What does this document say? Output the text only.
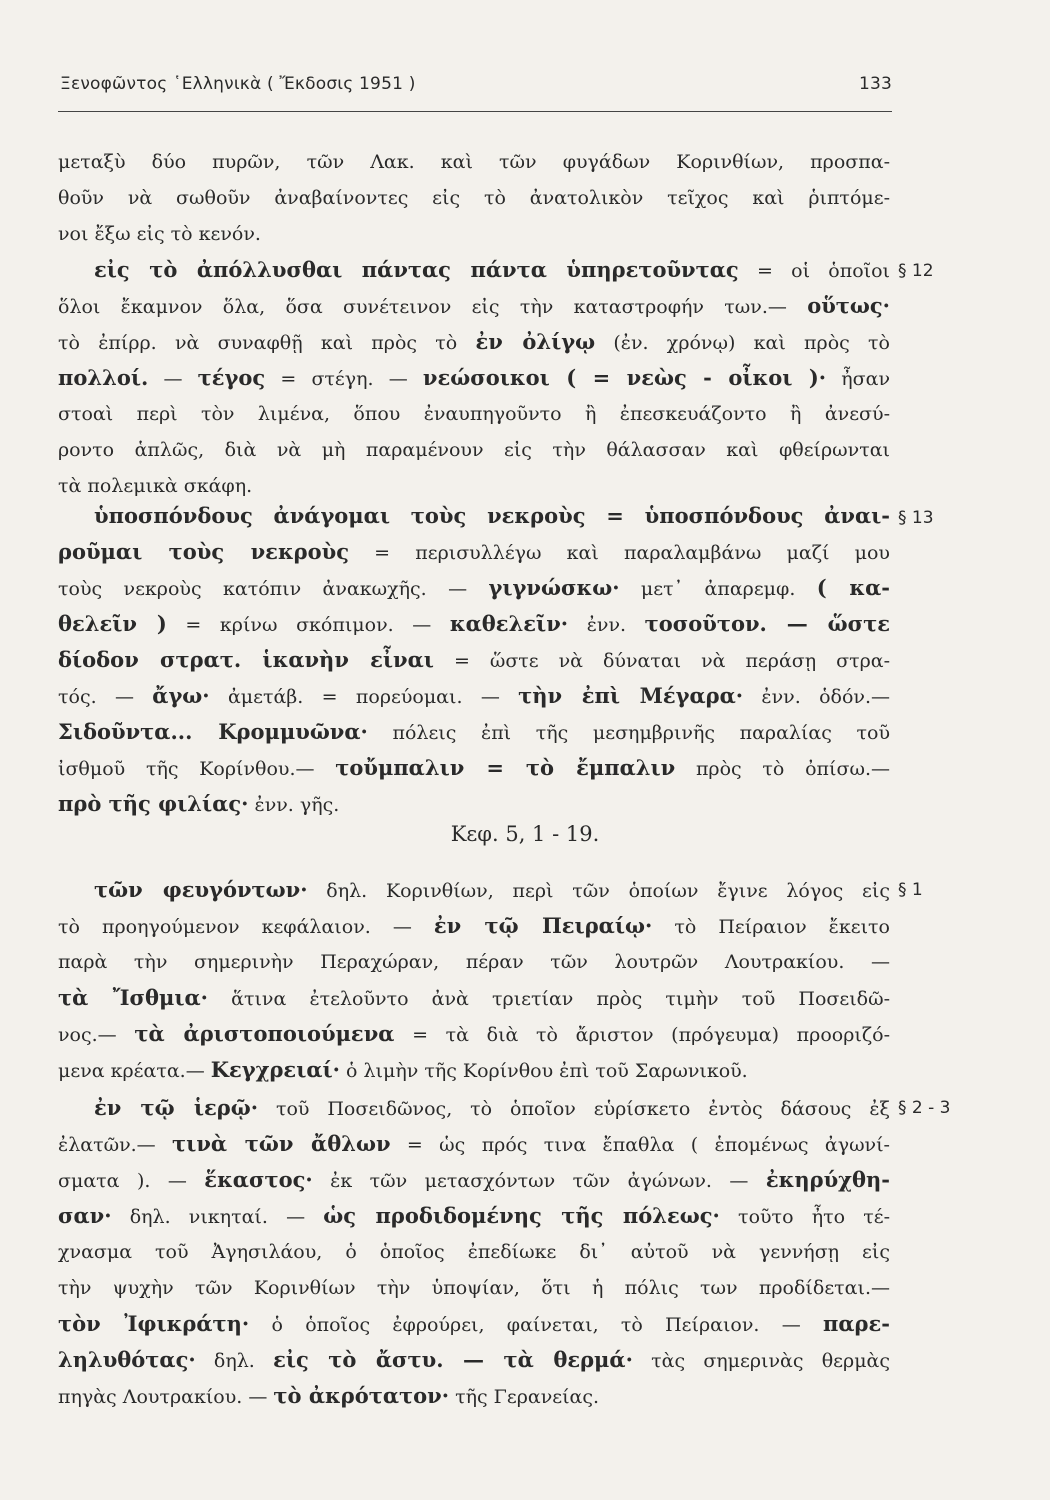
Ξενοφῶντος ῾Ελληνικὰ ( Ἔκδοσις 1951 )	133
μεταξὺ δύο πυρῶν, τῶν Λακ. καὶ τῶν φυγάδων Κορινθίων, προσπα-
θοῦν νὰ σωθοῦν ἀναβαίνοντες εἰς τὸ ἀνατολικὸν τεῖχος καὶ ῥιπτόμε-
νοι ἔξω εἰς τὸ κενόν.
εἰς τὸ ἀπόλλυσθαι πάντας πάντα ὑπηρετοῦντας = οἱ ὁποῖοι
ὅλοι ἔκαμνον ὅλα, ὅσα συνέτεινον εἰς τὴν καταστροφήν των.— οὕτως·
τὸ ἐπίρρ. νὰ συναφθῇ καὶ πρὸς τὸ ἐν ὀλίγῳ (ἐν. χρόνῳ) καὶ πρὸς τὸ
πολλοί. — τέγος = στέγη. — νεώσοικοι ( = νεὼς - οἶκοι )· ἦσαν
στοαὶ περὶ τὸν λιμένα, ὅπου ἐναυπηγοῦντο ἢ ἐπεσκευάζοντο ἢ ἀνεσύ-
ροντο ἁπλῶς, διὰ νὰ μὴ παραμένουν εἰς τὴν θάλασσαν καὶ φθείρωνται
τὰ πολεμικὰ σκάφη.
§ 12
ὑποσπόνδους ἀνάγομαι τοὺς νεκροὺς = ὑποσπόνδους ἀναι-
ροῦμαι τοὺς νεκροὺς = περισυλλέγω καὶ παραλαμβάνω μαζί μου
τοὺς νεκροὺς κατόπιν ἀνακωχῆς. — γιγνώσκω· μετ᾽ ἀπαρεμφ. ( κα-
θελεῖν ) = κρίνω σκόπιμον. — καθελεῖν· ἐνν. τοσοῦτον. — ὥστε
δίοδον στρατ. ἱκανὴν εἶναι = ὥστε νὰ δύναται νὰ περάσῃ στρα-
τός. — ἄγω· ἀμετάβ. = πορεύομαι. — τὴν ἐπὶ Μέγαρα· ἐνν. ὁδόν.—
Σιδοῦντα... Κρομμυῶνα· πόλεις ἐπὶ τῆς μεσημβρινῆς παραλίας τοῦ
ἰσθμοῦ τῆς Κορίνθου.— τοὔμπαλιν = τὸ ἔμπαλιν πρὸς τὸ ὀπίσω.—
πρὸ τῆς φιλίας· ἐνν. γῆς.
§ 13
Κεφ. 5, 1 - 19.
τῶν φευγόντων· δηλ. Κορινθίων, περὶ τῶν ὁποίων ἔγινε λόγος εἰς
τὸ προηγούμενον κεφάλαιον. — ἐν τῷ Πειραίῳ· τὸ Πείραιον ἔκειτο
παρὰ τὴν σημερινὴν Περαχώραν, πέραν τῶν λουτρῶν Λουτρακίου. —
τὰ Ἴσθμια· ἅτινα ἐτελοῦντο ἀνὰ τριετίαν πρὸς τιμὴν τοῦ Ποσειδῶ-
νος.— τὰ ἀριστοποιούμενα = τὰ διὰ τὸ ἄριστον (πρόγευμα) προοριζό-
μενα κρέατα.— Κεγχρειαί· ὁ λιμὴν τῆς Κορίνθου ἐπὶ τοῦ Σαρωνικοῦ.
§ 1
ἐν τῷ ἱερῷ· τοῦ Ποσειδῶνος, τὸ ὁποῖον εὑρίσκετο ἐντὸς δάσους ἐξ
ἐλατῶν.— τινὰ τῶν ἄθλων = ὡς πρός τινα ἔπαθλα ( ἑπομένως ἀγωνί-
σματα ). — ἕκαστος· ἐκ τῶν μετασχόντων τῶν ἀγώνων. — ἐκηρύχθη-
σαν· δηλ. νικηταί. — ὡς προδιδομένης τῆς πόλεως· τοῦτο ἦτο τέ-
χνασμα τοῦ Ἀγησιλάου, ὁ ὁποῖος ἐπεδίωκε δι᾽ αὐτοῦ νὰ γεννήσῃ εἰς
τὴν ψυχὴν τῶν Κορινθίων τὴν ὑποψίαν, ὅτι ἡ πόλις των προδίδεται.—
τὸν Ἰφικράτη· ὁ ὁποῖος ἐφρούρει, φαίνεται, τὸ Πείραιον. — παρε-
ληλυθότας· δηλ. εἰς τὸ ἄστυ. — τὰ θερμά· τὰς σημερινὰς θερμὰς
πηγὰς Λουτρακίου. — τὸ ἀκρότατον· τῆς Γερανείας.
§ 2 - 3
